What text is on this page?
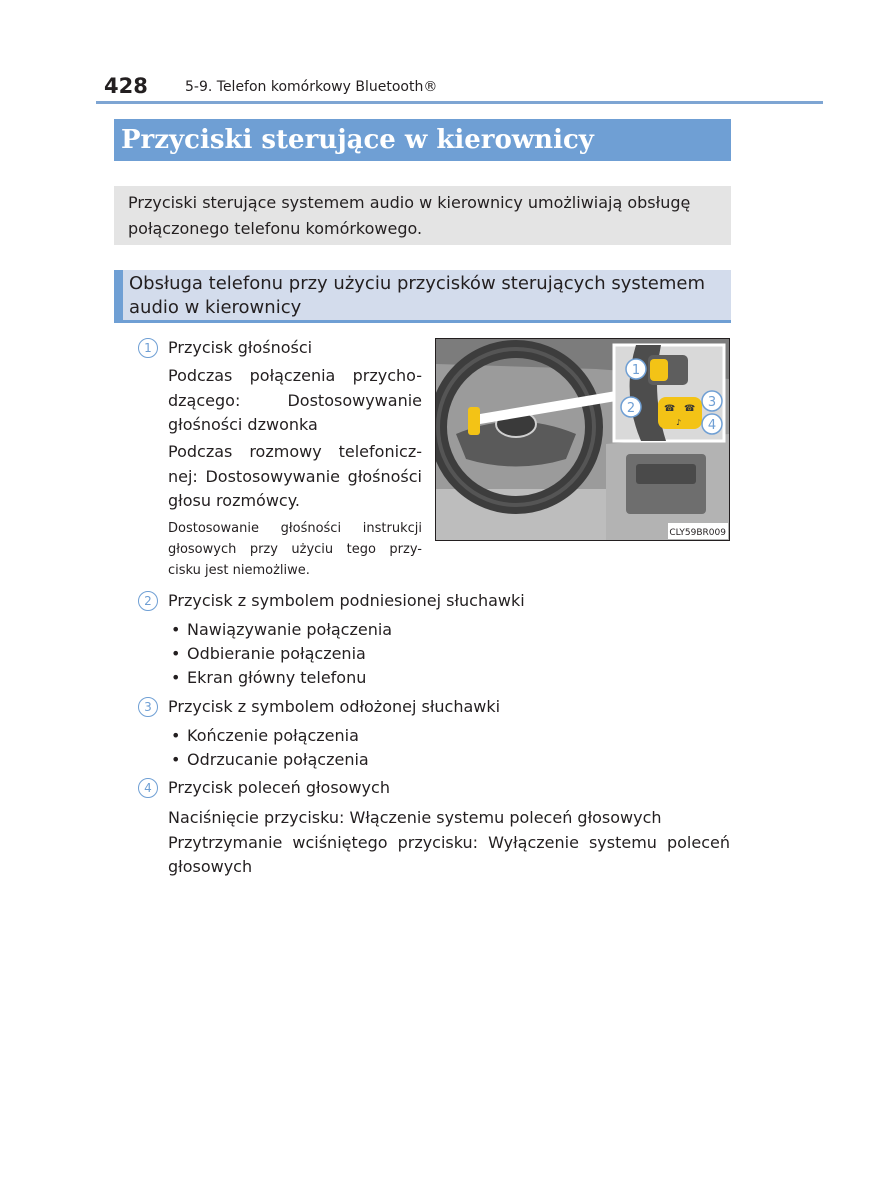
428	5-9. Telefon komórkowy Bluetooth®
Przyciski sterujące w kierownicy
Przyciski sterujące systemem audio w kierownicy umożliwiają obsługę
połączonego telefonu komórkowego.
Obsługa telefonu przy użyciu przycisków sterujących systemem
audio w kierownicy
☎ ☎
♪
1
2	3
4
CLY59BR009
1	Przycisk głośności
Podczas połączenia przycho-
dzącego: Dostosowywanie
głośności dzwonka
Podczas rozmowy telefonicz-
nej: Dostosowywanie głośności
głosu rozmówcy.
Dostosowanie głośności instrukcji
głosowych przy użyciu tego przy-
cisku jest niemożliwe.
2	Przycisk z symbolem podniesionej słuchawki
• Nawiązywanie połączenia
• Odbieranie połączenia
• Ekran główny telefonu
3	Przycisk z symbolem odłożonej słuchawki
• Kończenie połączenia
• Odrzucanie połączenia
4	Przycisk poleceń głosowych
Naciśnięcie przycisku: Włączenie systemu poleceń głosowych
Przytrzymanie wciśniętego przycisku: Wyłączenie systemu poleceń
głosowych
